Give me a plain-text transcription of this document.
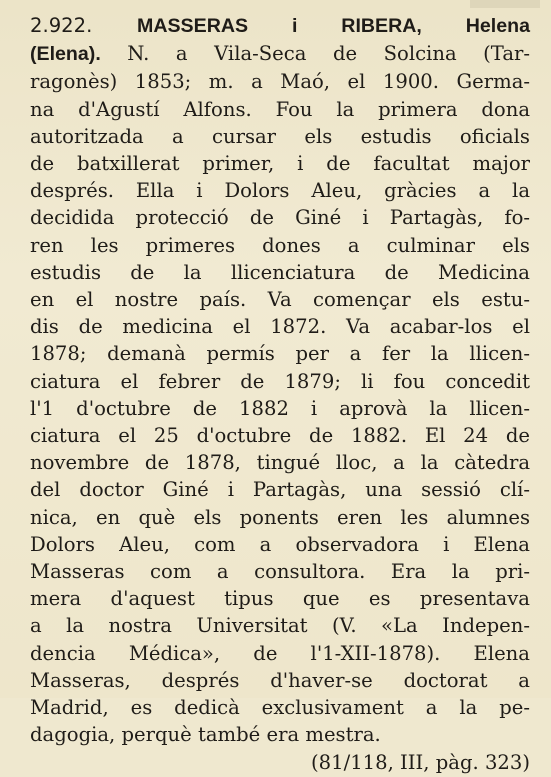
2.922. MASSERAS i RIBERA, Helena
(Elena). N. a Vila-Seca de Solcina (Tar-
ragonès) 1853; m. a Maó, el 1900. Germa-
na d'Agustí Alfons. Fou la primera dona
autoritzada a cursar els estudis oficials
de batxillerat primer, i de facultat major
després. Ella i Dolors Aleu, gràcies a la
decidida protecció de Giné i Partagàs, fo-
ren les primeres dones a culminar els
estudis de la llicenciatura de Medicina
en el nostre país. Va començar els estu-
dis de medicina el 1872. Va acabar-los el
1878; demanà permís per a fer la llicen-
ciatura el febrer de 1879; li fou concedit
l'1 d'octubre de 1882 i aprovà la llicen-
ciatura el 25 d'octubre de 1882. El 24 de
novembre de 1878, tingué lloc, a la càtedra
del doctor Giné i Partagàs, una sessió clí-
nica, en què els ponents eren les alumnes
Dolors Aleu, com a observadora i Elena
Masseras com a consultora. Era la pri-
mera d'aquest tipus que es presentava
a la nostra Universitat (V. «La Indepen-
dencia Médica», de l'1-XII-1878). Elena
Masseras, després d'haver-se doctorat a
Madrid, es dedicà exclusivament a la pe-
dagogia, perquè també era mestra.
(81/118, III, pàg. 323)
